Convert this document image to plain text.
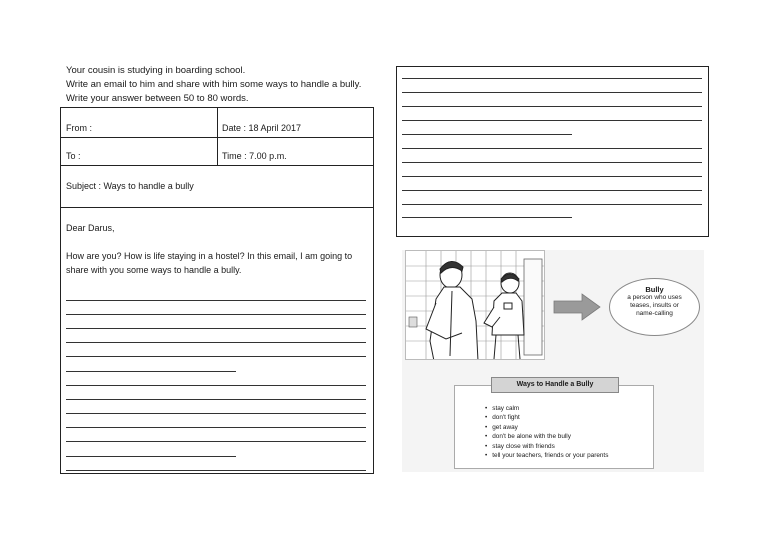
Your cousin is studying in boarding school.
Write an email to him and share with him some ways to handle a bully.
Write your answer between 50 to 80 words.
From :	Date : 18 April 2017
To :	Time : 7.00 p.m.
Subject : Ways to handle a bully
Dear Darus,
How are you? How is life staying in a hostel? In this email, I am going to
share with you some ways to handle a bully.
Bully
a person who uses
teases, insults or
name-calling
Ways to Handle a Bully
• stay calm
• don't fight
• get away
• don't be alone with the bully
• stay close with friends
• tell your teachers, friends or your parents
